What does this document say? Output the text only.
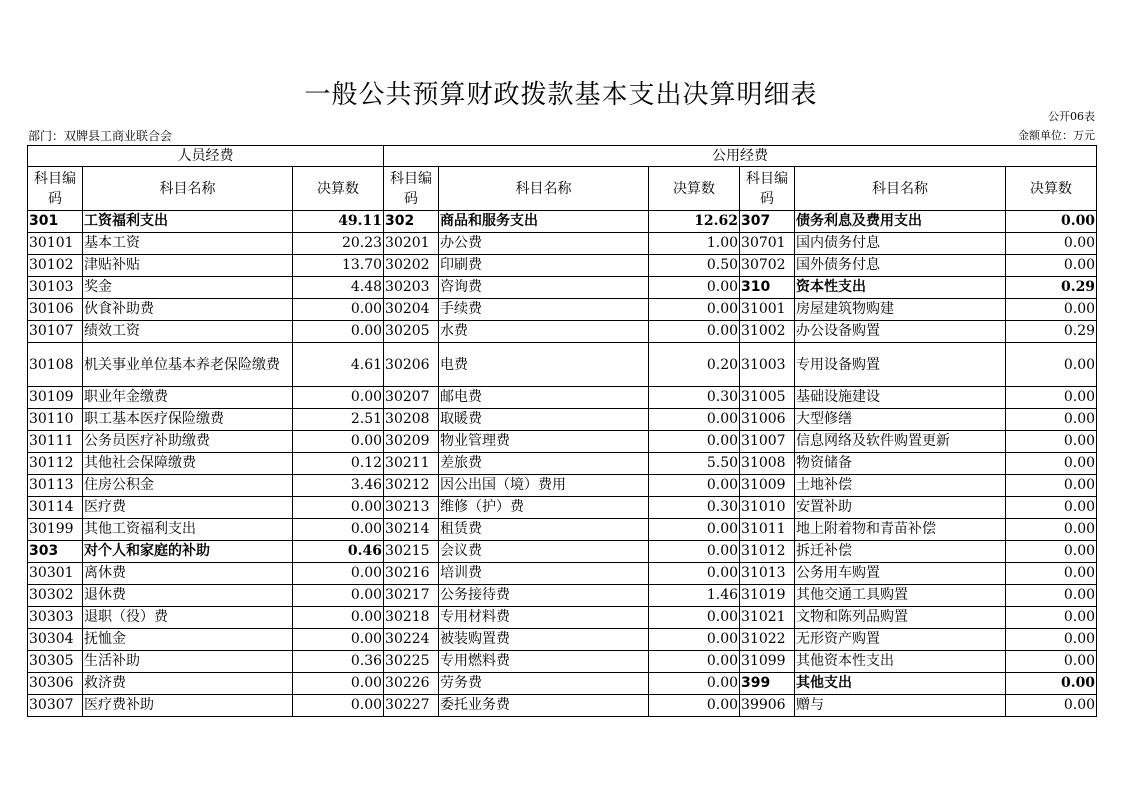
一般公共预算财政拨款基本支出决算明细表
公开06表
部门：双牌县工商业联合会	金额单位：万元
人员经费			公用经费					
科目编码	科目名称	决算数	科目编码	科目名称	决算数	科目编码	科目名称	决算数
301	工资福利支出	49.11	302	商品和服务支出	12.62	307	债务利息及费用支出	0.00
30101	基本工资	20.23	30201	办公费	1.00	30701	国内债务付息	0.00
30102	津贴补贴	13.70	30202	印刷费	0.50	30702	国外债务付息	0.00
30103	奖金	4.48	30203	咨询费	0.00	310	资本性支出	0.29
30106	伙食补助费	0.00	30204	手续费	0.00	31001	房屋建筑物购建	0.00
30107	绩效工资	0.00	30205	水费	0.00	31002	办公设备购置	0.29
30108	机关事业单位基本养老保险缴费	4.61	30206	电费	0.20	31003	专用设备购置	0.00
30109	职业年金缴费	0.00	30207	邮电费	0.30	31005	基础设施建设	0.00
30110	职工基本医疗保险缴费	2.51	30208	取暖费	0.00	31006	大型修缮	0.00
30111	公务员医疗补助缴费	0.00	30209	物业管理费	0.00	31007	信息网络及软件购置更新	0.00
30112	其他社会保障缴费	0.12	30211	差旅费	5.50	31008	物资储备	0.00
30113	住房公积金	3.46	30212	因公出国（境）费用	0.00	31009	土地补偿	0.00
30114	医疗费	0.00	30213	维修（护）费	0.30	31010	安置补助	0.00
30199	其他工资福利支出	0.00	30214	租赁费	0.00	31011	地上附着物和青苗补偿	0.00
303	对个人和家庭的补助	0.46	30215	会议费	0.00	31012	拆迁补偿	0.00
30301	离休费	0.00	30216	培训费	0.00	31013	公务用车购置	0.00
30302	退休费	0.00	30217	公务接待费	1.46	31019	其他交通工具购置	0.00
30303	退职（役）费	0.00	30218	专用材料费	0.00	31021	文物和陈列品购置	0.00
30304	抚恤金	0.00	30224	被装购置费	0.00	31022	无形资产购置	0.00
30305	生活补助	0.36	30225	专用燃料费	0.00	31099	其他资本性支出	0.00
30306	救济费	0.00	30226	劳务费	0.00	399	其他支出	0.00
30307	医疗费补助	0.00	30227	委托业务费	0.00	39906	赠与	0.00
